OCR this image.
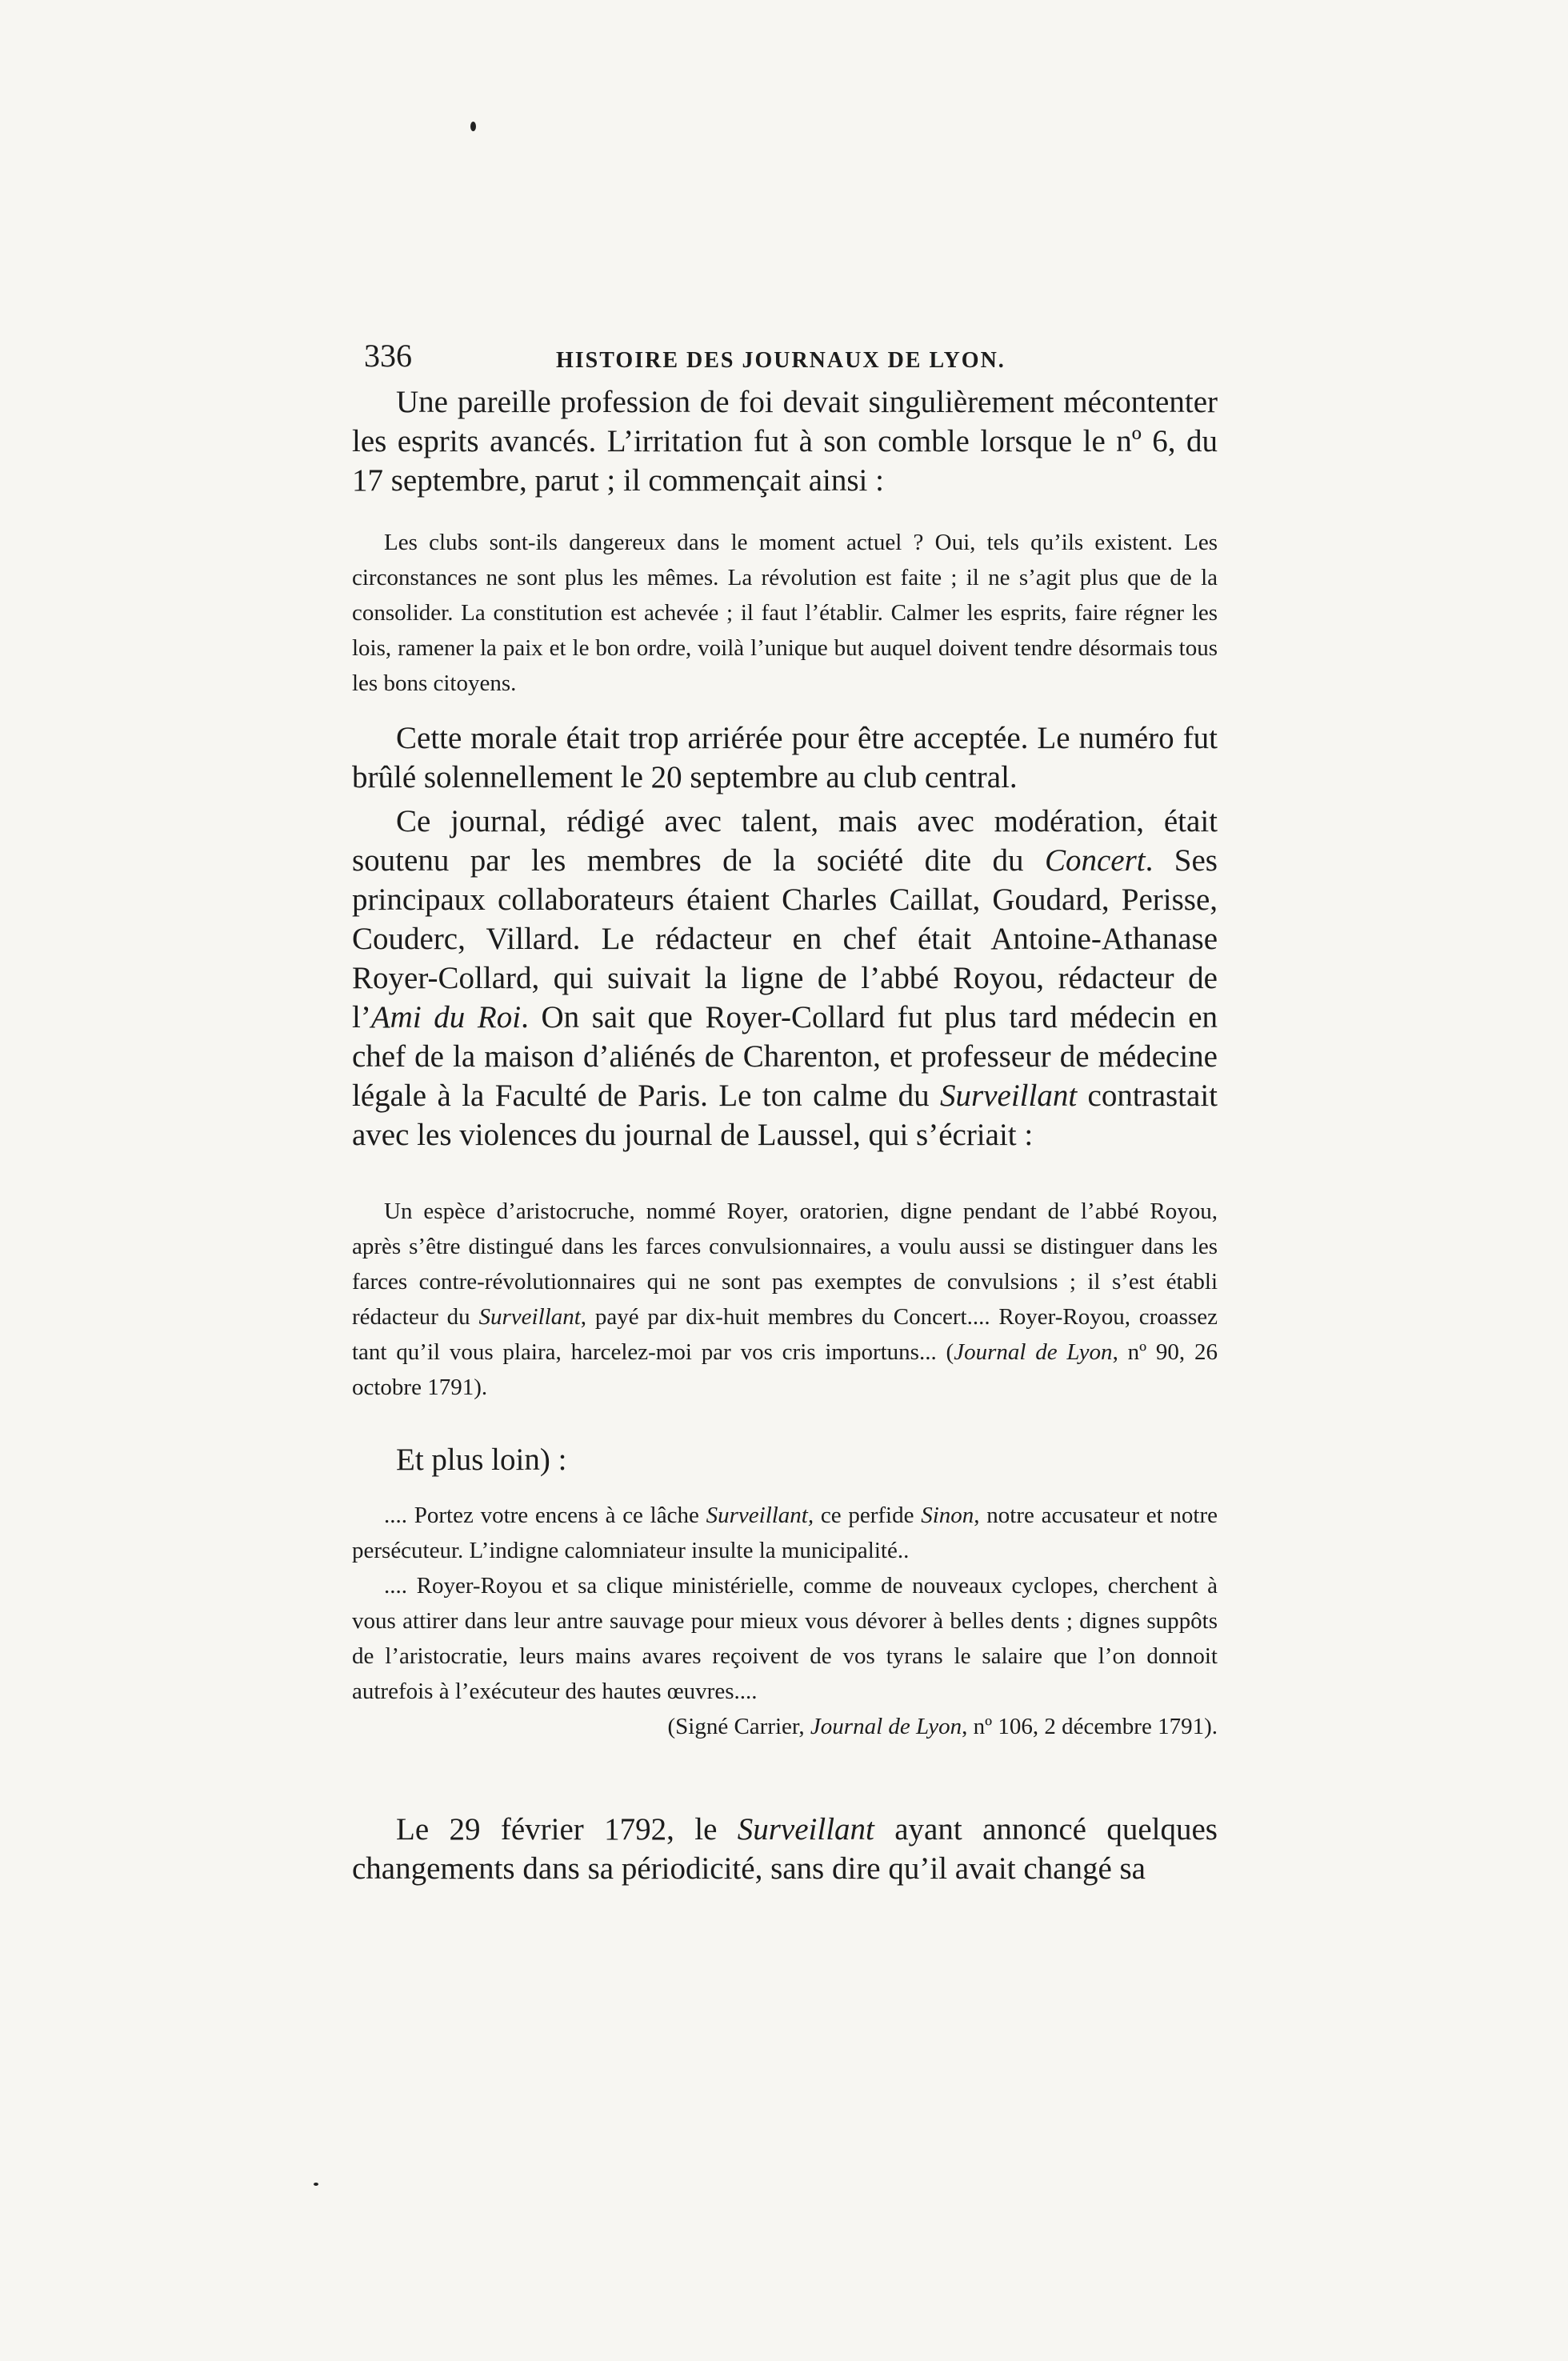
336	HISTOIRE DES JOURNAUX DE LYON.

Une pareille profession de foi devait singulièrement mécontenter les esprits avancés. L’irritation fut à son comble lorsque le nº 6, du 17 septembre, parut ; il commençait ainsi :

Les clubs sont-ils dangereux dans le moment actuel ? Oui, tels qu’ils existent. Les circonstances ne sont plus les mêmes. La révolution est faite ; il ne s’agit plus que de la consolider. La constitution est achevée ; il faut l’établir. Calmer les esprits, faire régner les lois, ramener la paix et le bon ordre, voilà l’unique but auquel doivent tendre désormais tous les bons citoyens.

Cette morale était trop arriérée pour être acceptée. Le numéro fut brûlé solennellement le 20 septembre au club central.

Ce journal, rédigé avec talent, mais avec modération, était soutenu par les membres de la société dite du Concert. Ses principaux collaborateurs étaient Charles Caillat, Goudard, Perisse, Couderc, Villard. Le rédacteur en chef était Antoine-Athanase Royer-Collard, qui suivait la ligne de l’abbé Royou, rédacteur de l’Ami du Roi. On sait que Royer-Collard fut plus tard médecin en chef de la maison d’aliénés de Charenton, et professeur de médecine légale à la Faculté de Paris. Le ton calme du Surveillant contrastait avec les violences du journal de Laussel, qui s’écriait :

Un espèce d’aristocruche, nommé Royer, oratorien, digne pendant de l’abbé Royou, après s’être distingué dans les farces convulsionnaires, a voulu aussi se distinguer dans les farces contre-révolutionnaires qui ne sont pas exemptes de convulsions ; il s’est établi rédacteur du Surveillant, payé par dix-huit membres du Concert.... Royer-Royou, croassez tant qu’il vous plaira, harcelez-moi par vos cris importuns... (Journal de Lyon, nº 90, 26 octobre 1791).

Et plus loin) :

.... Portez votre encens à ce lâche Surveillant, ce perfide Sinon, notre accusateur et notre persécuteur. L’indigne calomniateur insulte la municipalité..

.... Royer-Royou et sa clique ministérielle, comme de nouveaux cyclopes, cherchent à vous attirer dans leur antre sauvage pour mieux vous dévorer à belles dents ; dignes suppôts de l’aristocratie, leurs mains avares reçoivent de vos tyrans le salaire que l’on donnoit autrefois à l’exécuteur des hautes œuvres....

(Signé Carrier, Journal de Lyon, nº 106, 2 décembre 1791).

Le 29 février 1792, le Surveillant ayant annoncé quelques changements dans sa périodicité, sans dire qu’il avait changé sa
